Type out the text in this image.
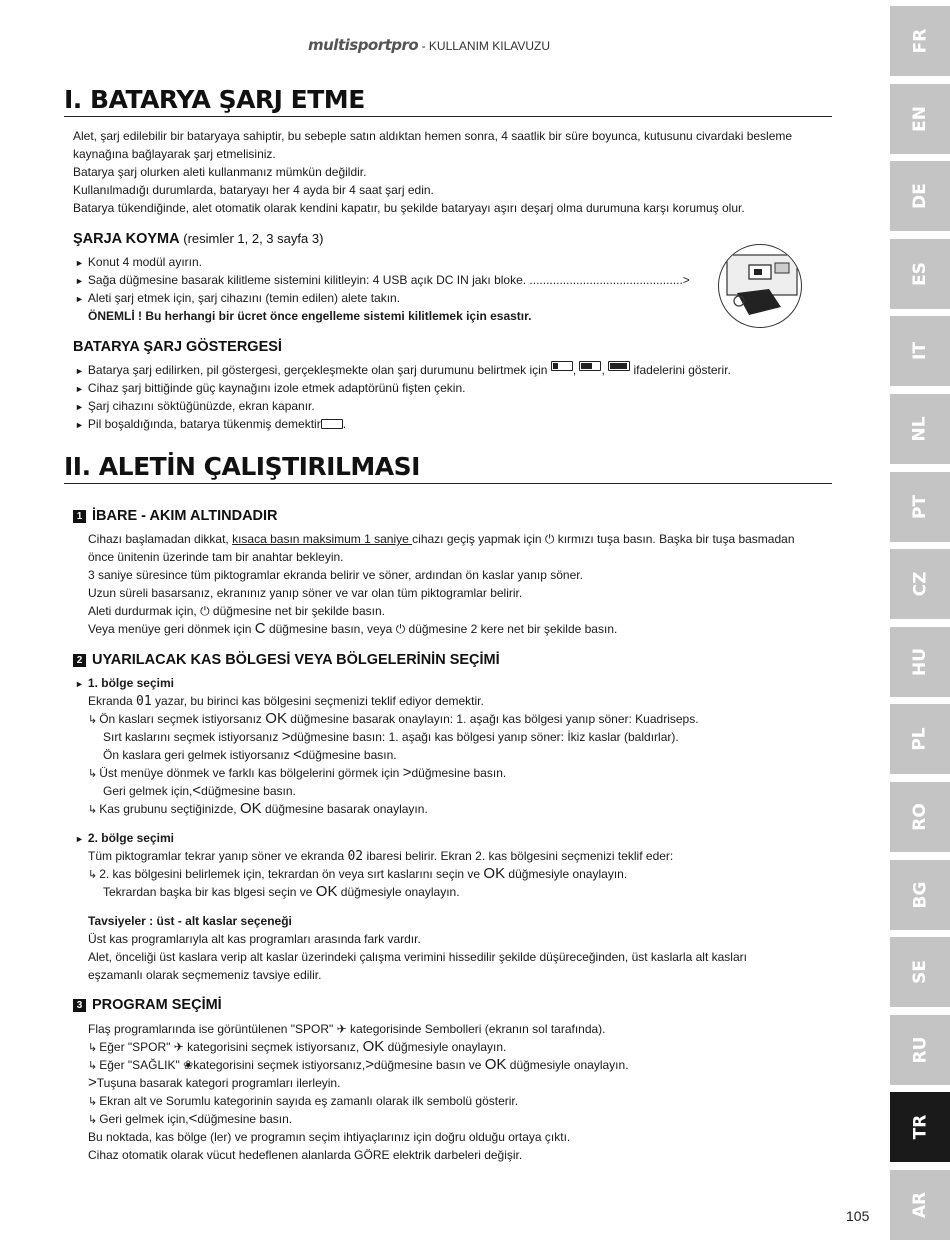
multisportpro - KULLANIM KILAVUZU	FR
EN
DE
ES
IT
NL
PT
CZ
HU
PL
RO
BG
SE
RU
TR
AR
I. BATARYA ŞARJ ETME
Alet, şarj edilebilir bir bataryaya sahiptir, bu sebeple satın aldıktan hemen sonra, 4 saatlik bir süre boyunca, kutusunu civardaki besleme
kaynağına bağlayarak şarj etmelisiniz.
Batarya şarj olurken aleti kullanmanız mümkün değildir.
Kullanılmadığı durumlarda, bataryayı her 4 ayda bir 4 saat şarj edin.
Batarya tükendiğinde, alet otomatik olarak kendini kapatır, bu şekilde bataryayı aşırı deşarj olma durumuna karşı korumuş olur.
ŞARJA KOYMA (resimler 1, 2, 3 sayfa 3)
► Konut 4 modül ayırın.
► Sağa düğmesine basarak kilitleme sistemini kilitleyin: 4 USB açık DC IN jakı bloke. ..............................................>
► Aleti şarj etmek için, şarj cihazını (temin edilen) alete takın.
ÖNEMLİ ! Bu herhangi bir ücret önce engelleme sistemi kilitlemek için esastır.
BATARYA ŞARJ GÖSTERGESİ
► Batarya şarj edilirken, pil göstergesi, gerçekleşmekte olan şarj durumunu belirtmek için , ,  ifadelerini gösterir.
► Cihaz şarj bittiğinde güç kaynağını izole etmek adaptörünü fişten çekin.
► Şarj cihazını söktüğünüzde, ekran kapanır.
► Pil boşaldığında, batarya tükenmiş demektir .
II. ALETİN ÇALIŞTIRILMASI
1 İBARE - AKIM ALTINDADIR
Cihazı başlamadan dikkat, kısaca basın maksimum 1 saniye cihazı geçiş yapmak için ⏻ kırmızı tuşa basın. Başka bir tuşa basmadan
önce ünitenin üzerinde tam bir anahtar bekleyin.
3 saniye süresince tüm piktogramlar ekranda belirir ve söner, ardından ön kaslar yanıp söner.
Uzun süreli basarsanız, ekranınız yanıp söner ve var olan tüm piktogramlar belirir.
Aleti durdurmak için, ⏻ düğmesine net bir şekilde basın.
Veya menüye geri dönmek için C düğmesine basın, veya ⏻ düğmesine 2 kere net bir şekilde basın.
2 UYARILACAK KAS BÖLGESİ VEYA BÖLGELERİNİN SEÇİMİ
► 1. bölge seçimi
Ekranda 01 yazar, bu birinci kas bölgesini seçmenizi teklif ediyor demektir.
↳ Ön kasları seçmek istiyorsanız OK düğmesine basarak onaylayın: 1. aşağı kas bölgesi yanıp söner: Kuadriseps.
Sırt kaslarını seçmek istiyorsanız >düğmesine basın: 1. aşağı kas bölgesi yanıp söner: İkiz kaslar (baldırlar).
Ön kaslara geri gelmek istiyorsanız <düğmesine basın.
↳ Üst menüye dönmek ve farklı kas bölgelerini görmek için >düğmesine basın.
Geri gelmek için,<düğmesine basın.
↳ Kas grubunu seçtiğinizde, OK düğmesine basarak onaylayın.
► 2. bölge seçimi
Tüm piktogramlar tekrar yanıp söner ve ekranda 02 ibaresi belirir. Ekran 2. kas bölgesini seçmenizi teklif eder:
↳ 2. kas bölgesini belirlemek için, tekrardan ön veya sırt kaslarını seçin ve OK düğmesiyle onaylayın.
Tekrardan başka bir kas blgesi seçin ve OK düğmesiyle onaylayın.
Tavsiyeler : üst - alt kaslar seçeneği
Üst kas programlarıyla alt kas programları arasında fark vardır.
Alet, önceliği üst kaslara verip alt kaslar üzerindeki çalışma verimini hissedilir şekilde düşüreceğinden, üst kaslarla alt kasları
eşzamanlı olarak seçmemeniz tavsiye edilir.
3 PROGRAM SEÇİMİ
Flaş programlarında ise görüntülenen "SPOR" ✈ kategorisinde Sembolleri (ekranın sol tarafında).
↳ Eğer "SPOR" ✈ kategorisini seçmek istiyorsanız, OK düğmesiyle onaylayın.
↳ Eğer "SAĞLIK" ❀kategorisini seçmek istiyorsanız,>düğmesine basın ve OK düğmesiyle onaylayın.
>Tuşuna basarak kategori programları ilerleyin.
↳ Ekran alt ve Sorumlu kategorinin sayıda eş zamanlı olarak ilk sembolü gösterir.
↳ Geri gelmek için,<düğmesine basın.
Bu noktada, kas bölge (ler) ve programın seçim ihtiyaçlarınız için doğru olduğu ortaya çıktı.
Cihaz otomatik olarak vücut hedeflenen alanlarda GÖRE elektrik darbeleri değişir.
105
